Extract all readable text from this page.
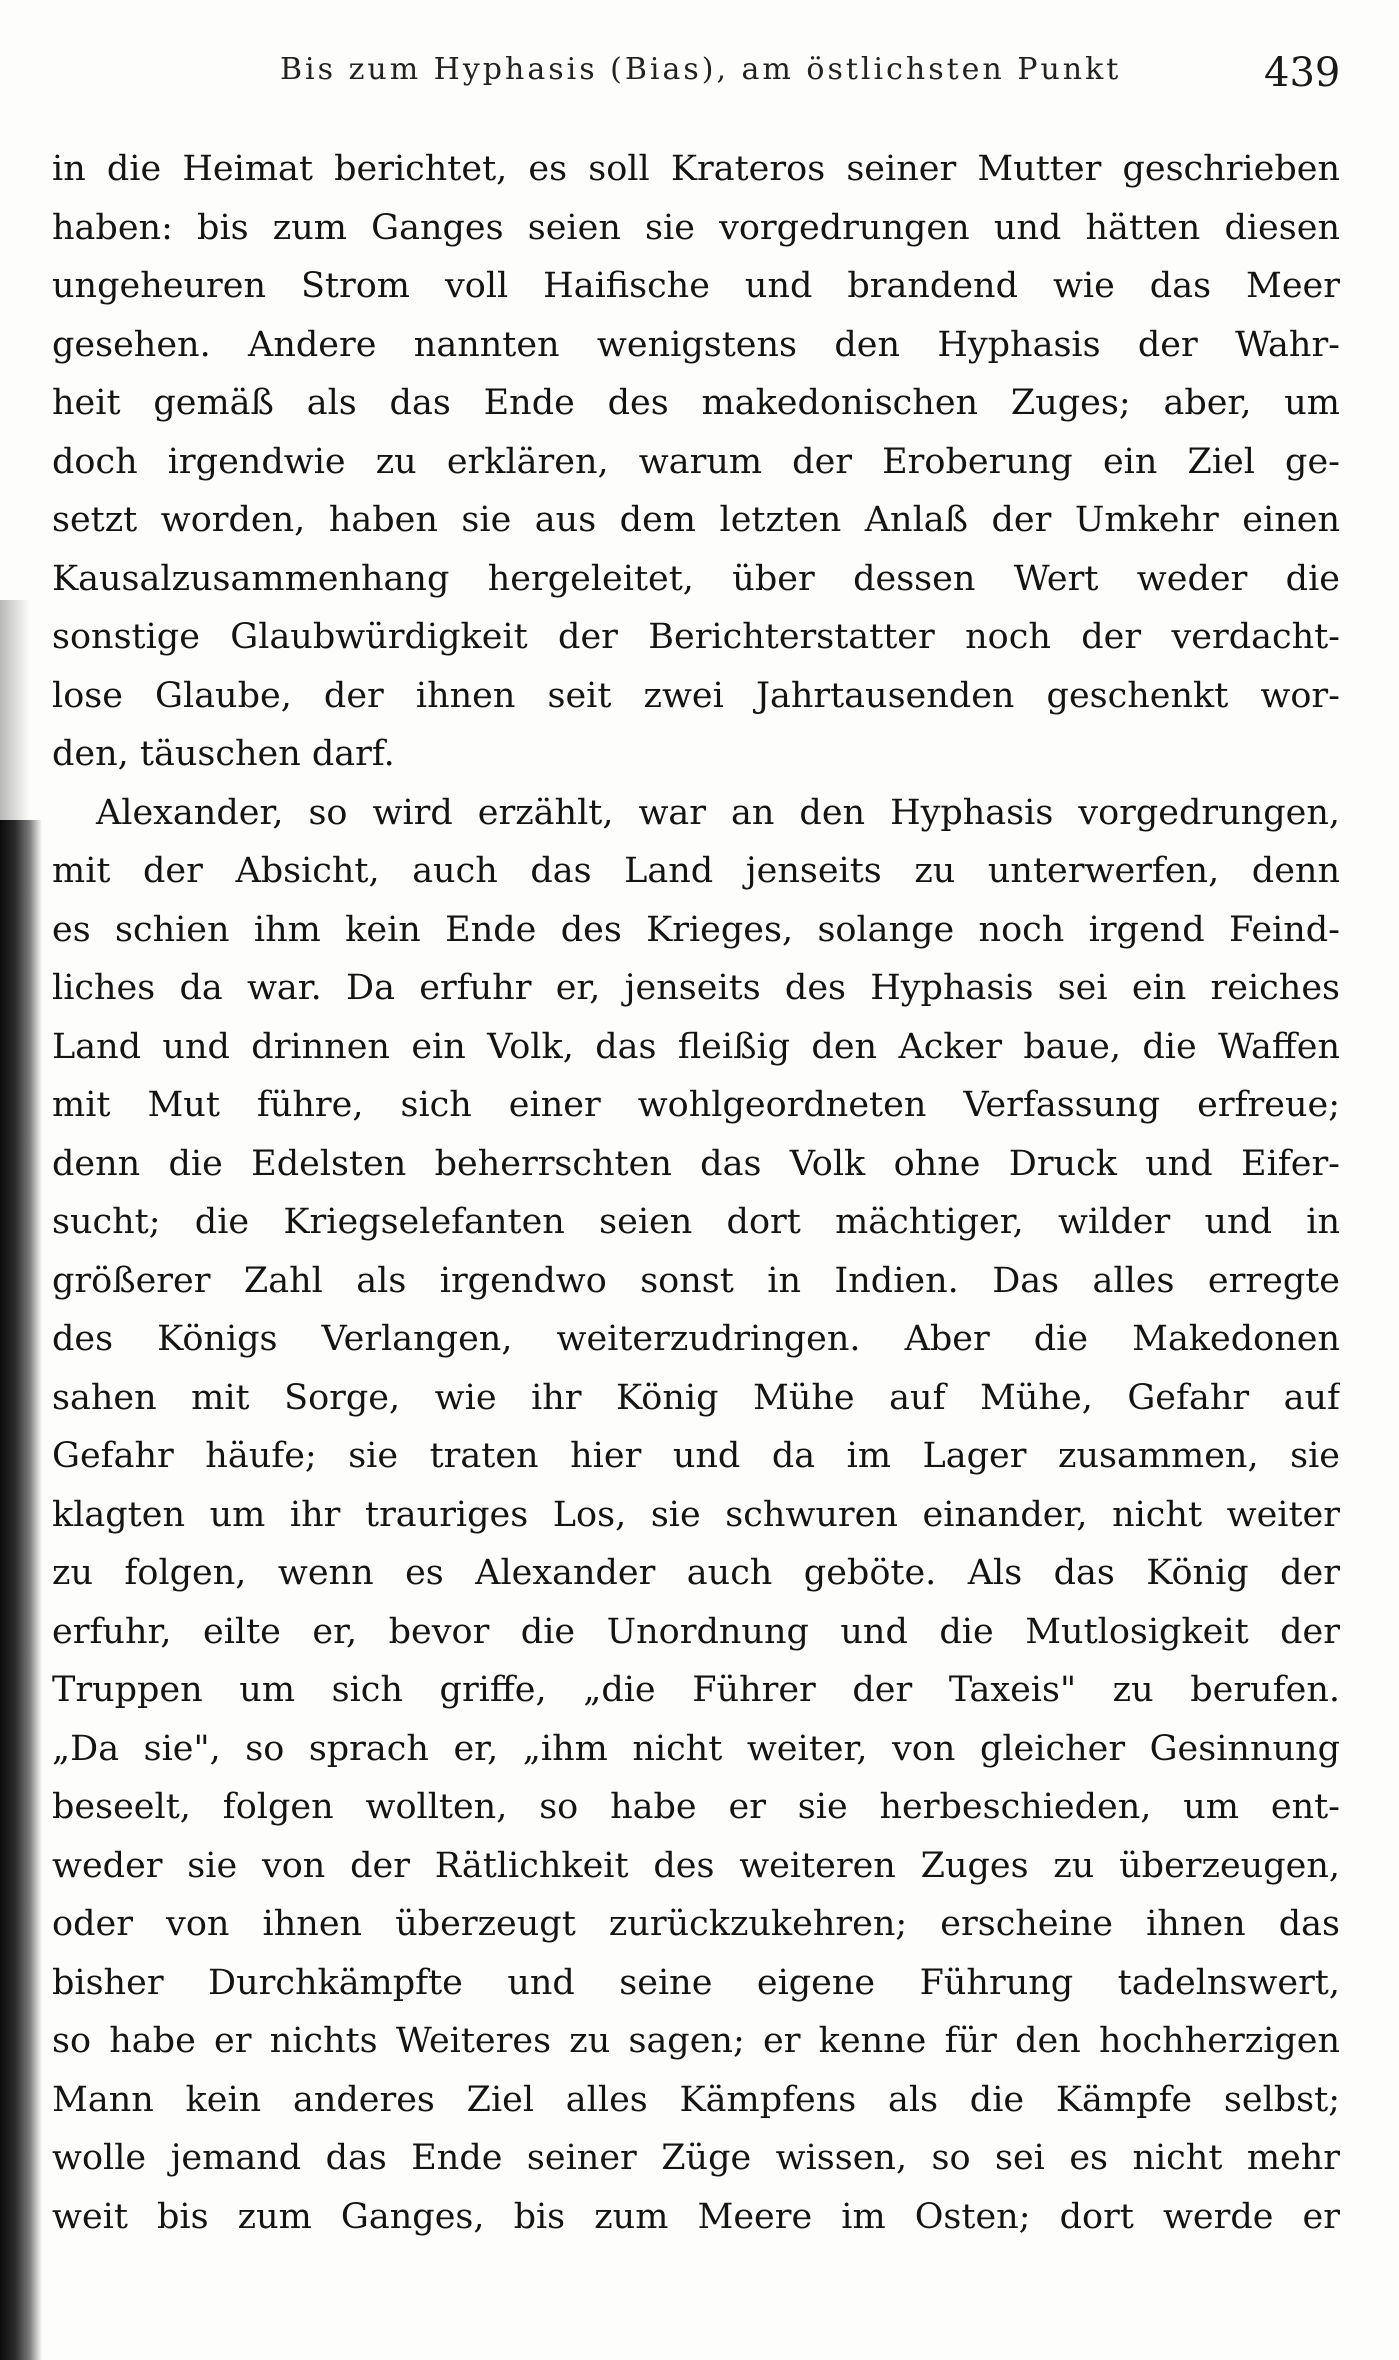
Bis zum Hyphasis (Bias), am östlichsten Punkt	439
in die Heimat berichtet, es soll Krateros seiner Mutter geschrieben
haben: bis zum Ganges seien sie vorgedrungen und hätten diesen
ungeheuren Strom voll Haifische und brandend wie das Meer
gesehen. Andere nannten wenigstens den Hyphasis der Wahr-
heit gemäß als das Ende des makedonischen Zuges; aber, um
doch irgendwie zu erklären, warum der Eroberung ein Ziel ge-
setzt worden, haben sie aus dem letzten Anlaß der Umkehr einen
Kausalzusammenhang hergeleitet, über dessen Wert weder die
sonstige Glaubwürdigkeit der Berichterstatter noch der verdacht-
lose Glaube, der ihnen seit zwei Jahrtausenden geschenkt wor-
den, täuschen darf.
Alexander, so wird erzählt, war an den Hyphasis vorgedrungen,
mit der Absicht, auch das Land jenseits zu unterwerfen, denn
es schien ihm kein Ende des Krieges, solange noch irgend Feind-
liches da war. Da erfuhr er, jenseits des Hyphasis sei ein reiches
Land und drinnen ein Volk, das fleißig den Acker baue, die Waffen
mit Mut führe, sich einer wohlgeordneten Verfassung erfreue;
denn die Edelsten beherrschten das Volk ohne Druck und Eifer-
sucht; die Kriegselefanten seien dort mächtiger, wilder und in
größerer Zahl als irgendwo sonst in Indien. Das alles erregte
des Königs Verlangen, weiterzudringen. Aber die Makedonen
sahen mit Sorge, wie ihr König Mühe auf Mühe, Gefahr auf
Gefahr häufe; sie traten hier und da im Lager zusammen, sie
klagten um ihr trauriges Los, sie schwuren einander, nicht weiter
zu folgen, wenn es Alexander auch geböte. Als das König der
erfuhr, eilte er, bevor die Unordnung und die Mutlosigkeit der
Truppen um sich griffe, „die Führer der Taxeis" zu berufen.
„Da sie", so sprach er, „ihm nicht weiter, von gleicher Gesinnung
beseelt, folgen wollten, so habe er sie herbeschieden, um ent-
weder sie von der Rätlichkeit des weiteren Zuges zu überzeugen,
oder von ihnen überzeugt zurückzukehren; erscheine ihnen das
bisher Durchkämpfte und seine eigene Führung tadelnswert,
so habe er nichts Weiteres zu sagen; er kenne für den hochherzigen
Mann kein anderes Ziel alles Kämpfens als die Kämpfe selbst;
wolle jemand das Ende seiner Züge wissen, so sei es nicht mehr
weit bis zum Ganges, bis zum Meere im Osten; dort werde er
